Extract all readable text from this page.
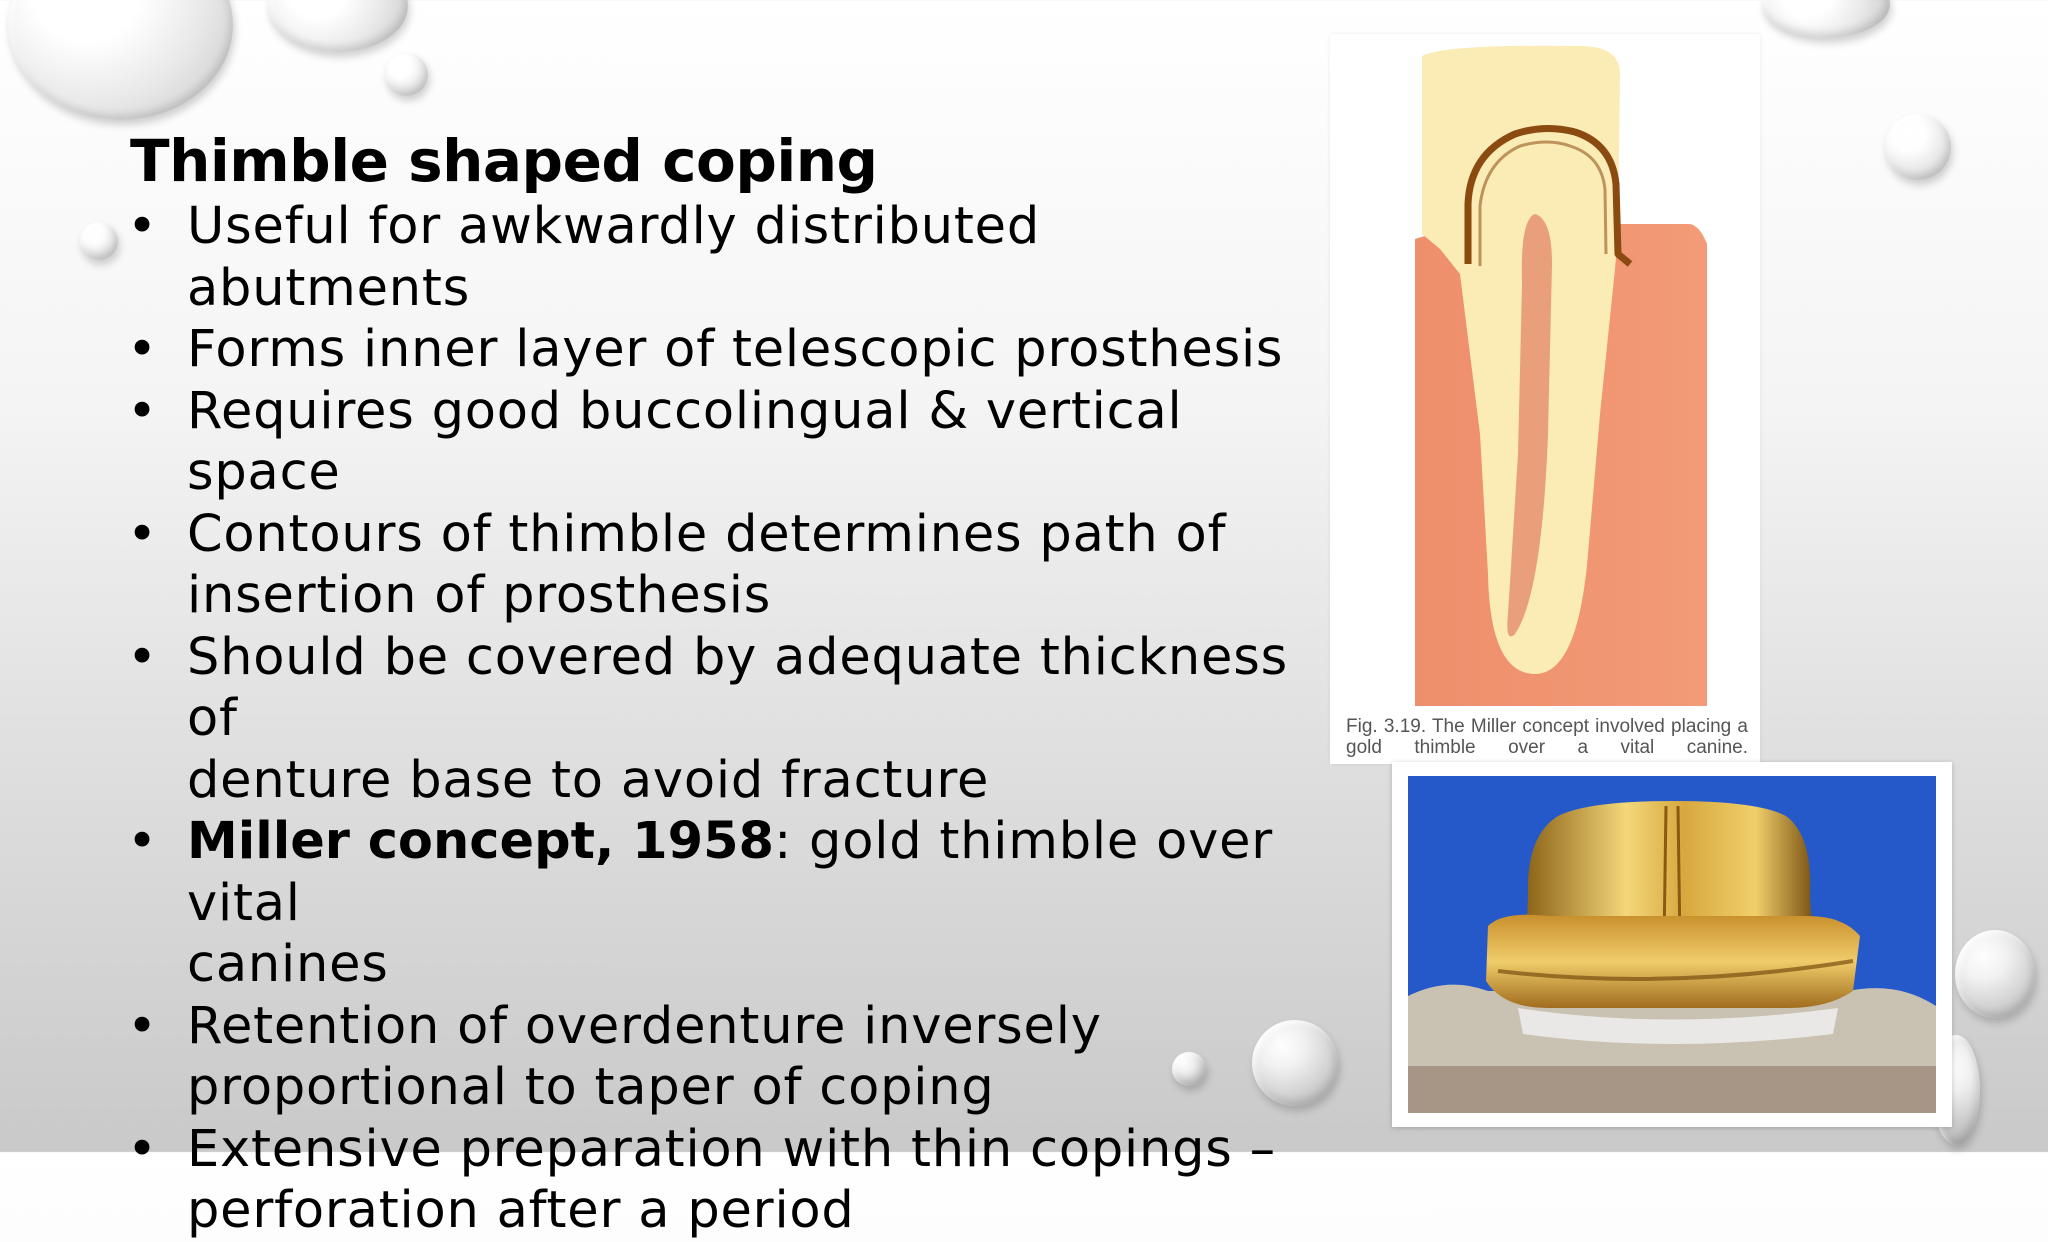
Thimble shaped coping
• Useful for awkwardly distributed abutments
• Forms inner layer of telescopic prosthesis
• Requires good buccolingual & vertical space
• Contours of thimble determines path of
insertion of prosthesis
• Should be covered by adequate thickness of
denture base to avoid fracture
• Miller concept, 1958: gold thimble over vital
canines
• Retention of overdenture inversely
proportional to taper of coping
• Extensive preparation with thin copings –
perforation after a period
Fig. 3.19. The Miller concept involved placing a gold thimble over a vital canine.
